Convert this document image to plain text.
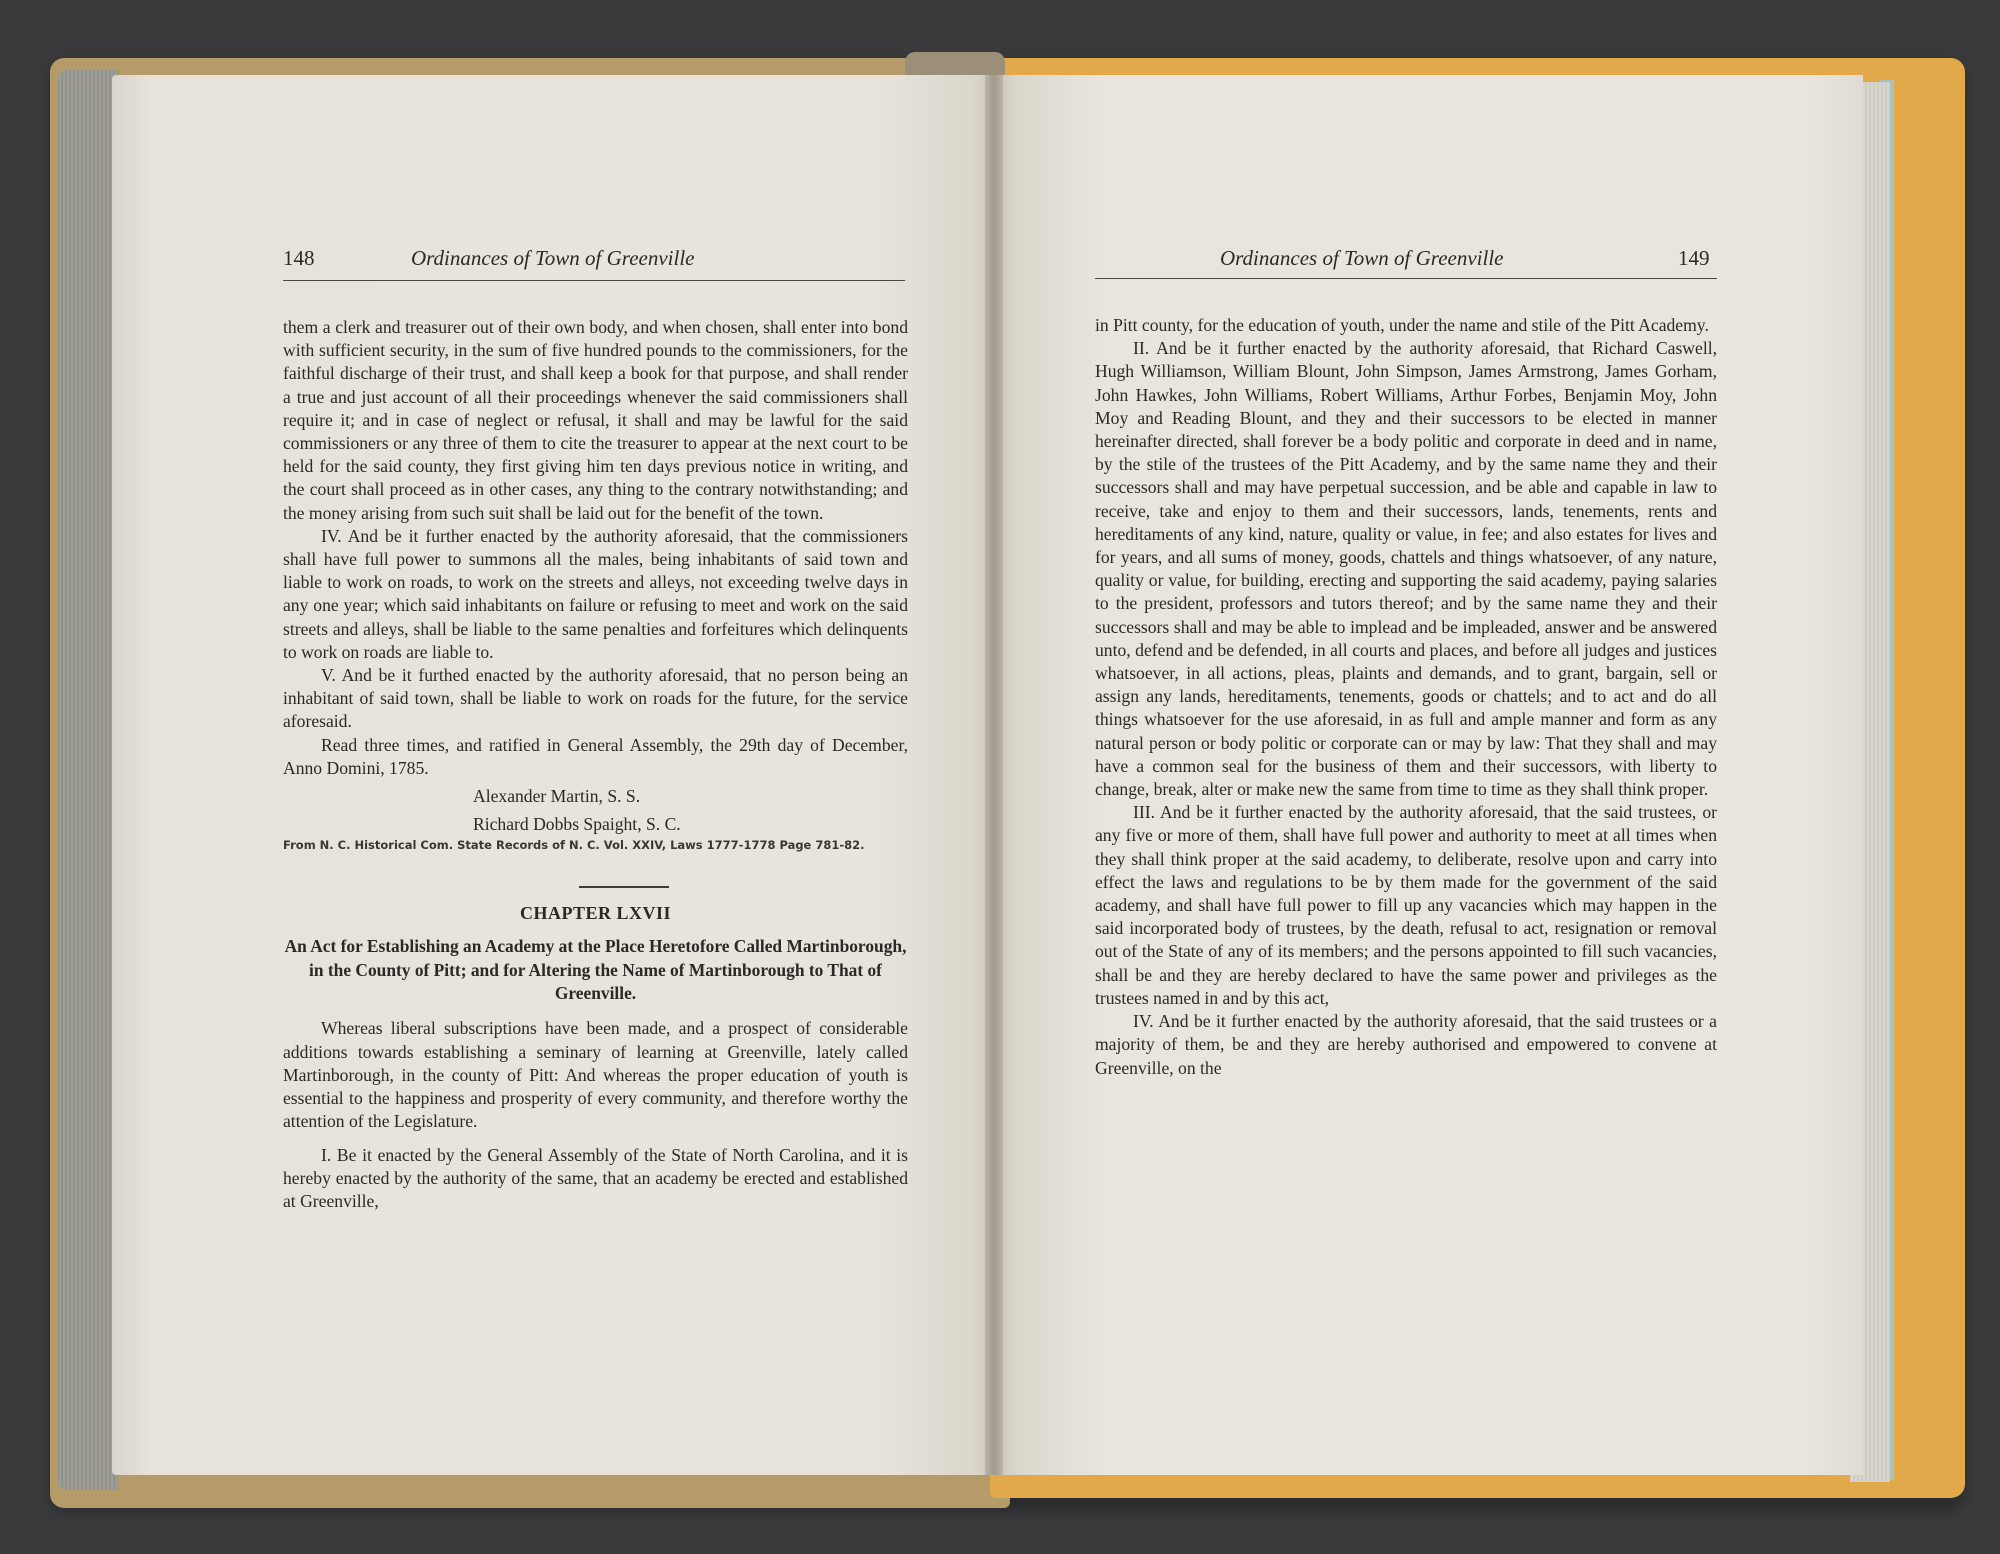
148	Ordinances of Town of Greenville

them a clerk and treasurer out of their own body, and when chosen, shall enter into bond with sufficient security, in the sum of five hundred pounds to the commissioners, for the faithful discharge of their trust, and shall keep a book for that purpose, and shall render a true and just account of all their proceedings whenever the said commissioners shall require it; and in case of neglect or refusal, it shall and may be lawful for the said commissioners or any three of them to cite the treasurer to appear at the next court to be held for the said county, they first giving him ten days previous notice in writing, and the court shall proceed as in other cases, any thing to the contrary notwithstanding; and the money arising from such suit shall be laid out for the benefit of the town.

IV. And be it further enacted by the authority aforesaid, that the commissioners shall have full power to summons all the males, being inhabitants of said town and liable to work on roads, to work on the streets and alleys, not exceeding twelve days in any one year; which said inhabitants on failure or refusing to meet and work on the said streets and alleys, shall be liable to the same penalties and forfeitures which delinquents to work on roads are liable to.

V. And be it furthed enacted by the authority aforesaid, that no person being an inhabitant of said town, shall be liable to work on roads for the future, for the service aforesaid.

Read three times, and ratified in General Assembly, the 29th day of December, Anno Domini, 1785.

Alexander Martin, S. S.

Richard Dobbs Spaight, S. C.

From N. C. Historical Com. State Records of N. C. Vol. XXIV, Laws 1777-1778 Page 781-82.

CHAPTER LXVII

An Act for Establishing an Academy at the Place Heretofore Called Martinborough, in the County of Pitt; and for Altering the Name of Martinborough to That of Greenville.

Whereas liberal subscriptions have been made, and a prospect of considerable additions towards establishing a seminary of learning at Greenville, lately called Martinborough, in the county of Pitt: And whereas the proper education of youth is essential to the happiness and prosperity of every community, and therefore worthy the attention of the Legislature.

I. Be it enacted by the General Assembly of the State of North Carolina, and it is hereby enacted by the authority of the same, that an academy be erected and established at Greenville,

Ordinances of Town of Greenville	149

in Pitt county, for the education of youth, under the name and stile of the Pitt Academy.

II. And be it further enacted by the authority aforesaid, that Richard Caswell, Hugh Williamson, William Blount, John Simpson, James Armstrong, James Gorham, John Hawkes, John Williams, Robert Williams, Arthur Forbes, Benjamin Moy, John Moy and Reading Blount, and they and their successors to be elected in manner hereinafter directed, shall forever be a body politic and corporate in deed and in name, by the stile of the trustees of the Pitt Academy, and by the same name they and their successors shall and may have perpetual succession, and be able and capable in law to receive, take and enjoy to them and their successors, lands, tenements, rents and hereditaments of any kind, nature, quality or value, in fee; and also estates for lives and for years, and all sums of money, goods, chattels and things whatsoever, of any nature, quality or value, for building, erecting and supporting the said academy, paying salaries to the president, professors and tutors thereof; and by the same name they and their successors shall and may be able to implead and be impleaded, answer and be answered unto, defend and be defended, in all courts and places, and before all judges and justices whatsoever, in all actions, pleas, plaints and demands, and to grant, bargain, sell or assign any lands, hereditaments, tenements, goods or chattels; and to act and do all things whatsoever for the use aforesaid, in as full and ample manner and form as any natural person or body politic or corporate can or may by law: That they shall and may have a common seal for the business of them and their successors, with liberty to change, break, alter or make new the same from time to time as they shall think proper.

III. And be it further enacted by the authority aforesaid, that the said trustees, or any five or more of them, shall have full power and authority to meet at all times when they shall think proper at the said academy, to deliberate, resolve upon and carry into effect the laws and regulations to be by them made for the government of the said academy, and shall have full power to fill up any vacancies which may happen in the said incorporated body of trustees, by the death, refusal to act, resignation or removal out of the State of any of its members; and the persons appointed to fill such vacancies, shall be and they are hereby declared to have the same power and privileges as the trustees named in and by this act,

IV. And be it further enacted by the authority aforesaid, that the said trustees or a majority of them, be and they are hereby authorised and empowered to convene at Greenville, on the
